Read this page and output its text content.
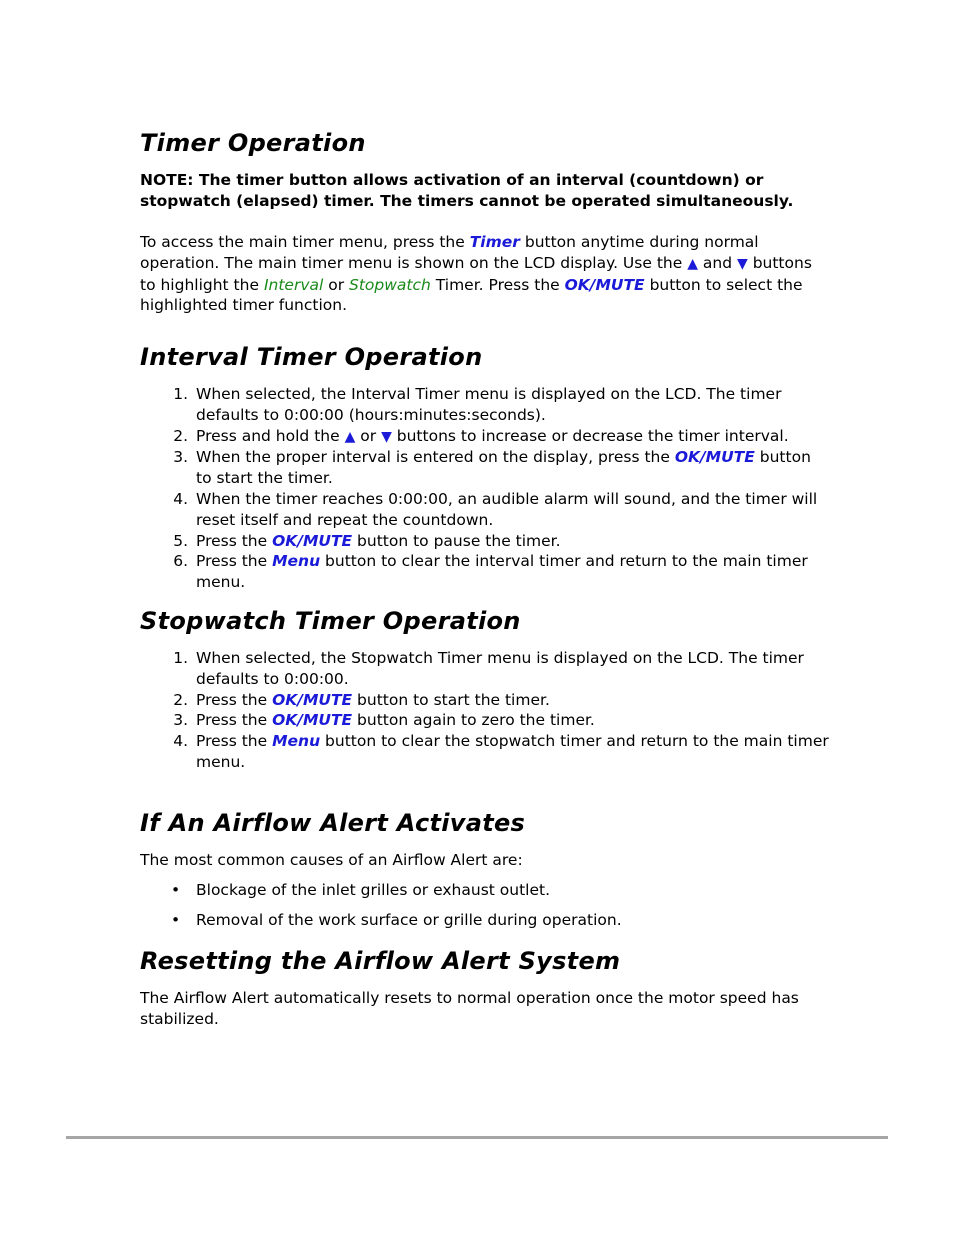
Timer Operation

NOTE: The timer button allows activation of an interval (countdown) or stopwatch (elapsed) timer. The timers cannot be operated simultaneously.

To access the main timer menu, press the Timer button anytime during normal operation. The main timer menu is shown on the LCD display. Use the ▲ and ▼ buttons to highlight the Interval or Stopwatch Timer. Press the OK/MUTE button to select the highlighted timer function.

Interval Timer Operation
1. When selected, the Interval Timer menu is displayed on the LCD. The timer defaults to 0:00:00 (hours:minutes:seconds).
2. Press and hold the ▲ or ▼ buttons to increase or decrease the timer interval.
3. When the proper interval is entered on the display, press the OK/MUTE button to start the timer.
4. When the timer reaches 0:00:00, an audible alarm will sound, and the timer will reset itself and repeat the countdown.
5. Press the OK/MUTE button to pause the timer.
6. Press the Menu button to clear the interval timer and return to the main timer menu.
Stopwatch Timer Operation
1. When selected, the Stopwatch Timer menu is displayed on the LCD. The timer defaults to 0:00:00.
2. Press the OK/MUTE button to start the timer.
3. Press the OK/MUTE button again to zero the timer.
4. Press the Menu button to clear the stopwatch timer and return to the main timer menu.
If An Airflow Alert Activates

The most common causes of an Airflow Alert are:

• Blockage of the inlet grilles or exhaust outlet.
• Removal of the work surface or grille during operation.
Resetting the Airflow Alert System

The Airflow Alert automatically resets to normal operation once the motor speed has stabilized.
